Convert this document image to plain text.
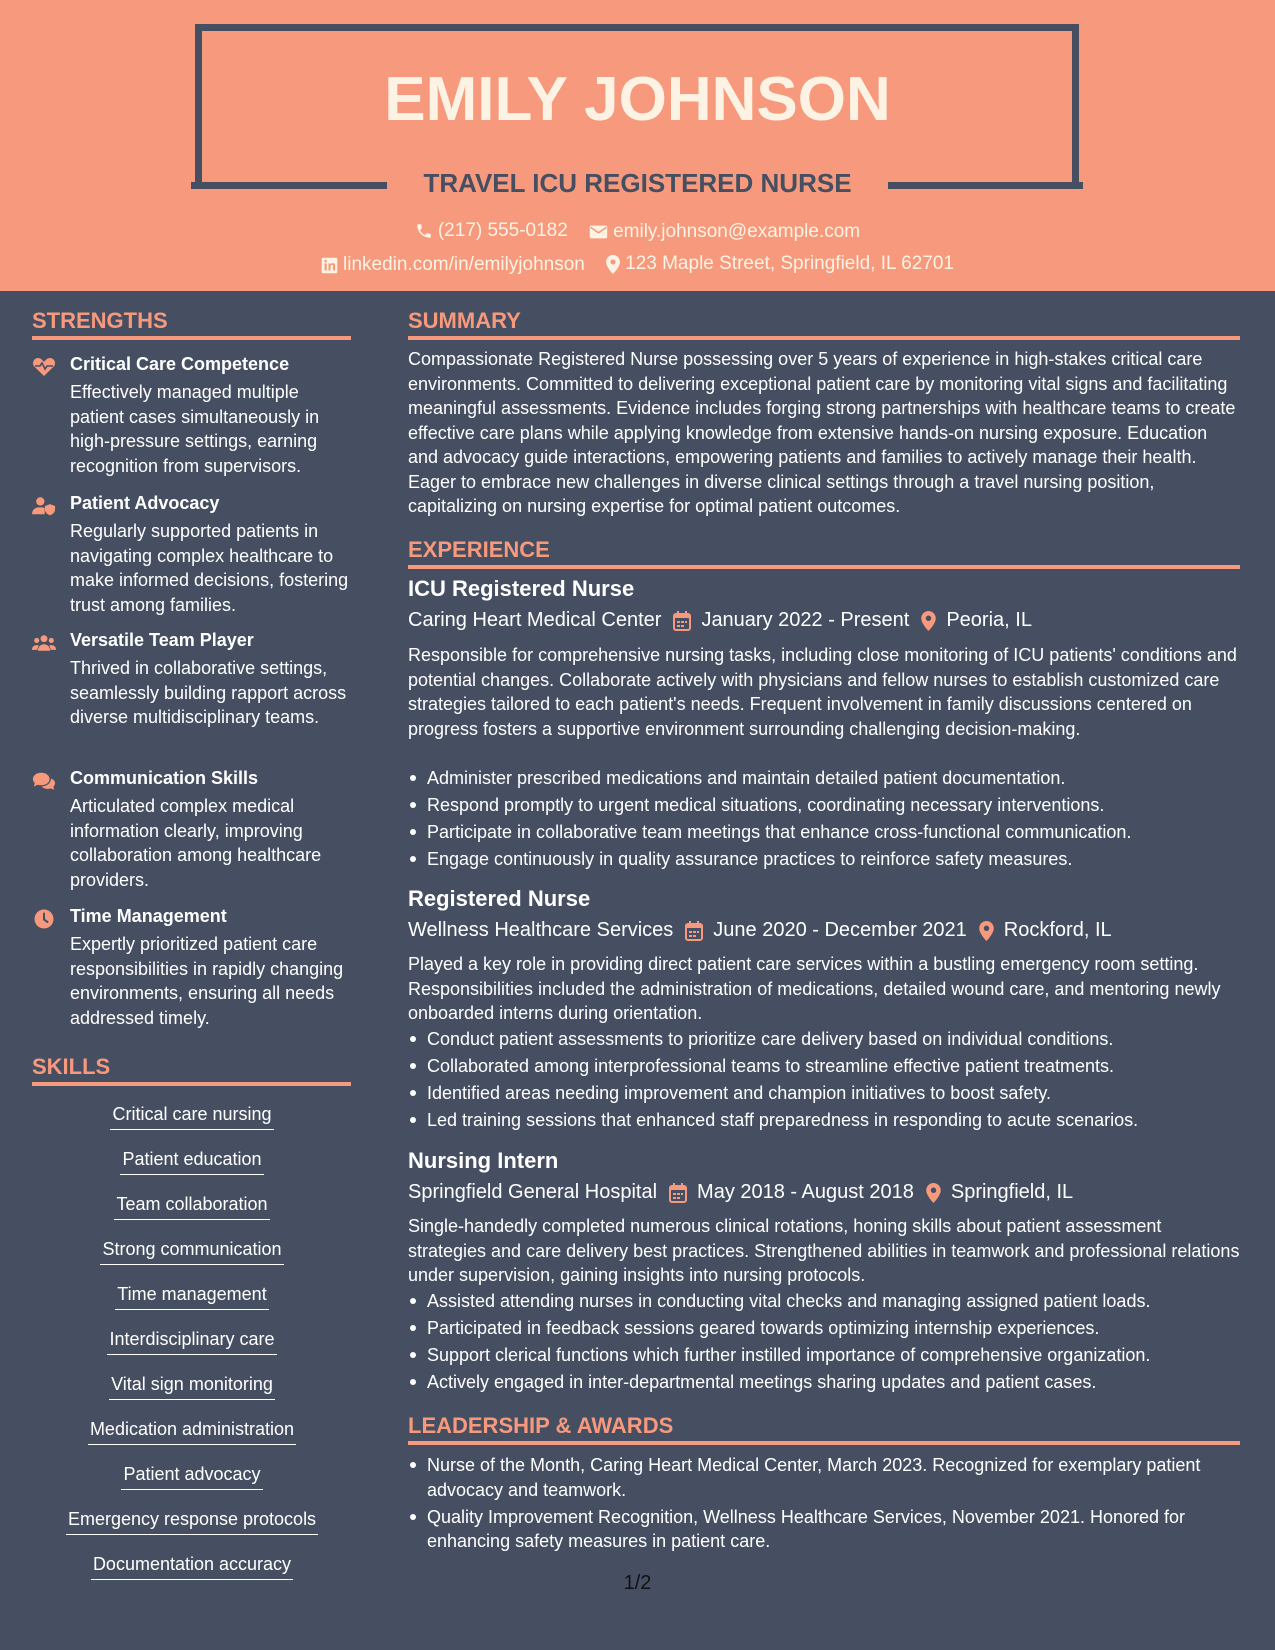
EMILY JOHNSON
TRAVEL ICU REGISTERED NURSE
(217) 555-0182
emily.johnson@example.com
linkedin.com/in/emilyjohnson
123 Maple Street, Springfield, IL 62701
STRENGTHS
Critical Care Competence
Effectively managed multiple patient cases simultaneously in high-pressure settings, earning recognition from supervisors.
Patient Advocacy
Regularly supported patients in navigating complex healthcare to make informed decisions, fostering trust among families.
Versatile Team Player
Thrived in collaborative settings, seamlessly building rapport across diverse multidisciplinary teams.
Communication Skills
Articulated complex medical information clearly, improving collaboration among healthcare providers.
Time Management
Expertly prioritized patient care responsibilities in rapidly changing environments, ensuring all needs addressed timely.
SKILLS
Critical care nursing
Patient education
Team collaboration
Strong communication
Time management
Interdisciplinary care
Vital sign monitoring
Medication administration
Patient advocacy
Emergency response protocols
Documentation accuracy
SUMMARY
Compassionate Registered Nurse possessing over 5 years of experience in high-stakes critical care environments. Committed to delivering exceptional patient care by monitoring vital signs and facilitating meaningful assessments. Evidence includes forging strong partnerships with healthcare teams to create effective care plans while applying knowledge from extensive hands-on nursing exposure. Education and advocacy guide interactions, empowering patients and families to actively manage their health. Eager to embrace new challenges in diverse clinical settings through a travel nursing position, capitalizing on nursing expertise for optimal patient outcomes.
EXPERIENCE
ICU Registered Nurse
Caring Heart Medical Center January 2022 - Present Peoria, IL
Responsible for comprehensive nursing tasks, including close monitoring of ICU patients' conditions and potential changes. Collaborate actively with physicians and fellow nurses to establish customized care strategies tailored to each patient's needs. Frequent involvement in family discussions centered on progress fosters a supportive environment surrounding challenging decision-making.
Administer prescribed medications and maintain detailed patient documentation.
Respond promptly to urgent medical situations, coordinating necessary interventions.
Participate in collaborative team meetings that enhance cross-functional communication.
Engage continuously in quality assurance practices to reinforce safety measures.
Registered Nurse
Wellness Healthcare Services June 2020 - December 2021 Rockford, IL
Played a key role in providing direct patient care services within a bustling emergency room setting. Responsibilities included the administration of medications, detailed wound care, and mentoring newly onboarded interns during orientation.
Conduct patient assessments to prioritize care delivery based on individual conditions.
Collaborated among interprofessional teams to streamline effective patient treatments.
Identified areas needing improvement and champion initiatives to boost safety.
Led training sessions that enhanced staff preparedness in responding to acute scenarios.
Nursing Intern
Springfield General Hospital May 2018 - August 2018 Springfield, IL
Single-handedly completed numerous clinical rotations, honing skills about patient assessment strategies and care delivery best practices. Strengthened abilities in teamwork and professional relations under supervision, gaining insights into nursing protocols.
Assisted attending nurses in conducting vital checks and managing assigned patient loads.
Participated in feedback sessions geared towards optimizing internship experiences.
Support clerical functions which further instilled importance of comprehensive organization.
Actively engaged in inter-departmental meetings sharing updates and patient cases.
LEADERSHIP & AWARDS
Nurse of the Month, Caring Heart Medical Center, March 2023. Recognized for exemplary patient advocacy and teamwork.
Quality Improvement Recognition, Wellness Healthcare Services, November 2021. Honored for enhancing safety measures in patient care.
1/2
